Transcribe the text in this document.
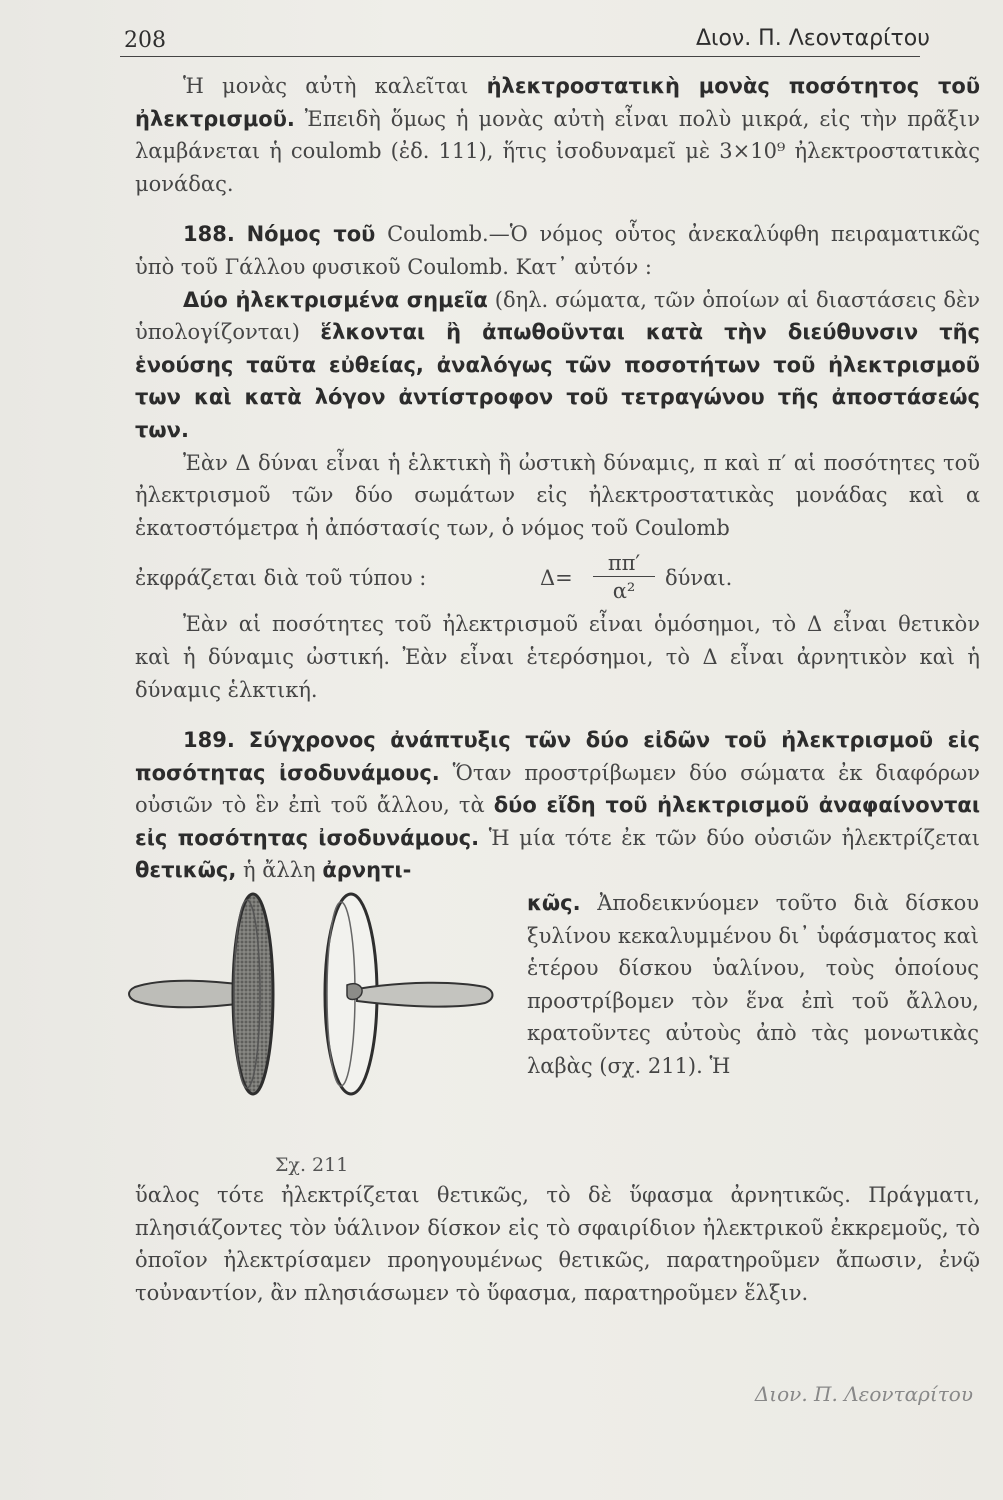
208	Διον. Π. Λεονταρίτου

Ἡ μονὰς αὐτὴ καλεῖται ἠλεκτροστατικὴ μονὰς ποσότητος τοῦ ἠλεκτρισμοῦ. Ἐπειδὴ ὅμως ἡ μονὰς αὐτὴ εἶναι πολὺ μικρά, εἰς τὴν πρᾶξιν λαμβάνεται ἡ coulomb (ἐδ. 111), ἥτις ἰσοδυναμεῖ μὲ 3×10⁹ ἠλεκτροστατικὰς μονάδας.

188. Νόμος τοῦ Coulomb.—Ὁ νόμος οὗτος ἀνεκαλύφθη πειραματικῶς ὑπὸ τοῦ Γάλλου φυσικοῦ Coulomb. Κατ᾽ αὐτόν :

Δύο ἠλεκτρισμένα σημεῖα (δηλ. σώματα, τῶν ὁποίων αἱ διαστάσεις δὲν ὑπολογίζονται) ἕλκονται ἢ ἀπωθοῦνται κατὰ τὴν διεύθυνσιν τῆς ἑνούσης ταῦτα εὐθείας, ἀναλόγως τῶν ποσοτήτων τοῦ ἠλεκτρισμοῦ των καὶ κατὰ λόγον ἀντίστροφον τοῦ τετραγώνου τῆς ἀποστάσεώς των.

Ἐὰν Δ δύναι εἶναι ἡ ἑλκτικὴ ἢ ὠστικὴ δύναμις, π καὶ π′ αἱ ποσότητες τοῦ ἠλεκτρισμοῦ τῶν δύο σωμάτων εἰς ἠλεκτροστατικὰς μονάδας καὶ α ἑκατοστόμετρα ἡ ἀπόστασίς των, ὁ νόμος τοῦ Coulomb

ἐκφράζεται διὰ τοῦ τύπου :	$\Delta= \frac{\pi\pi'}{\text{α²}} \delta ύ\nu\alpha\iota$.

Ἐὰν αἱ ποσότητες τοῦ ἠλεκτρισμοῦ εἶναι ὁμόσημοι, τὸ Δ εἶναι θετικὸν καὶ ἡ δύναμις ὠστική. Ἐὰν εἶναι ἑτερόσημοι, τὸ Δ εἶναι ἀρνητικὸν καὶ ἡ δύναμις ἑλκτική.

189. Σύγχρονος ἀνάπτυξις τῶν δύο εἰδῶν τοῦ ἠλεκτρισμοῦ εἰς ποσότητας ἰσοδυνάμους. Ὅταν προστρίβωμεν δύο σώματα ἐκ διαφόρων οὐσιῶν τὸ ἓν ἐπὶ τοῦ ἄλλου, τὰ δύο εἴδη τοῦ ἠλεκτρισμοῦ ἀναφαίνονται εἰς ποσότητας ἰσοδυνάμους. Ἡ μία τότε ἐκ τῶν δύο οὐσιῶν ἠλεκτρίζεται θετικῶς, ἡ ἄλλη ἀρνητι-

Σχ. 211
κῶς. Ἀποδεικνύομεν τοῦτο διὰ δίσκου ξυλίνου κεκαλυμμένου δι᾽ ὑφάσματος καὶ ἑτέρου δίσκου ὑαλίνου, τοὺς ὁποίους προστρίβομεν τὸν ἕνα ἐπὶ τοῦ ἄλλου, κρατοῦντες αὐτοὺς ἀπὸ τὰς μονωτικὰς λαβὰς (σχ. 211). Ἡ

ὕαλος τότε ἠλεκτρίζεται θετικῶς, τὸ δὲ ὕφασμα ἀρνητικῶς. Πράγματι, πλησιάζοντες τὸν ὑάλινον δίσκον εἰς τὸ σφαιρίδιον ἠλεκτρικοῦ ἐκκρεμοῦς, τὸ ὁποῖον ἠλεκτρίσαμεν προηγουμένως θετικῶς, παρατηροῦμεν ἄπωσιν, ἐνῷ τοὐναντίον, ἂν πλησιάσωμεν τὸ ὕφασμα, παρατηροῦμεν ἕλξιν.

Διον. Π. Λεονταρίτου
